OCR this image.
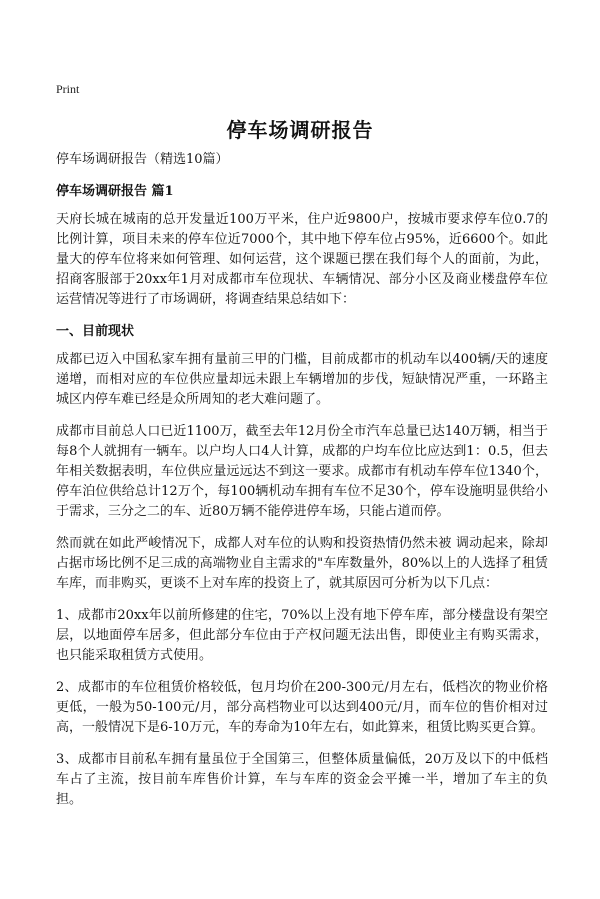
Print
停车场调研报告
停车场调研报告（精选10篇）
停车场调研报告 篇1

天府长城在城南的总开发量近100万平米，住户近9800户，按城市要求停车位0.7的比例计算，项目未来的停车位近7000个，其中地下停车位占95%，近6600个。如此量大的停车位将来如何管理、如何运营，这个课题已摆在我们每个人的面前，为此，招商客服部于20xx年1月对成都市车位现状、车辆情况、部分小区及商业楼盘停车位运营情况等进行了市场调研，将调查结果总结如下：

一、目前现状

成都已迈入中国私家车拥有量前三甲的门槛，目前成都市的机动车以400辆/天的速度递增，而相对应的车位供应量却远未跟上车辆增加的步伐，短缺情况严重，一环路主城区内停车难已经是众所周知的老大难问题了。

成都市目前总人口已近1100万，截至去年12月份全市汽车总量已达140万辆，相当于每8个人就拥有一辆车。以户均人口4人计算，成都的户均车位比应达到1：0.5，但去年相关数据表明，车位供应量远远达不到这一要求。成都市有机动车停车位1340个，停车泊位供给总计12万个，每100辆机动车拥有车位不足30个，停车设施明显供给小于需求，三分之二的车、近80万辆不能停进停车场，只能占道而停。

然而就在如此严峻情况下，成都人对车位的认购和投资热情仍然未被 调动起来，除却占据市场比例不足三成的高端物业自主需求的"车库数量外，80%以上的人选择了租赁车库，而非购买，更谈不上对车库的投资上了，就其原因可分析为以下几点：

1、成都市20xx年以前所修建的住宅，70%以上没有地下停车库，部分楼盘设有架空层，以地面停车居多，但此部分车位由于产权问题无法出售，即使业主有购买需求，也只能采取租赁方式使用。

2、成都市的车位租赁价格较低，包月均价在200-300元/月左右，低档次的物业价格更低，一般为50-100元/月，部分高档物业可以达到400元/月，而车位的售价相对过高，一般情况下是6-10万元，车的寿命为10年左右，如此算来，租赁比购买更合算。

3、成都市目前私车拥有量虽位于全国第三，但整体质量偏低，20万及以下的中低档车占了主流，按目前车库售价计算，车与车库的资金会平摊一半，增加了车主的负担。
